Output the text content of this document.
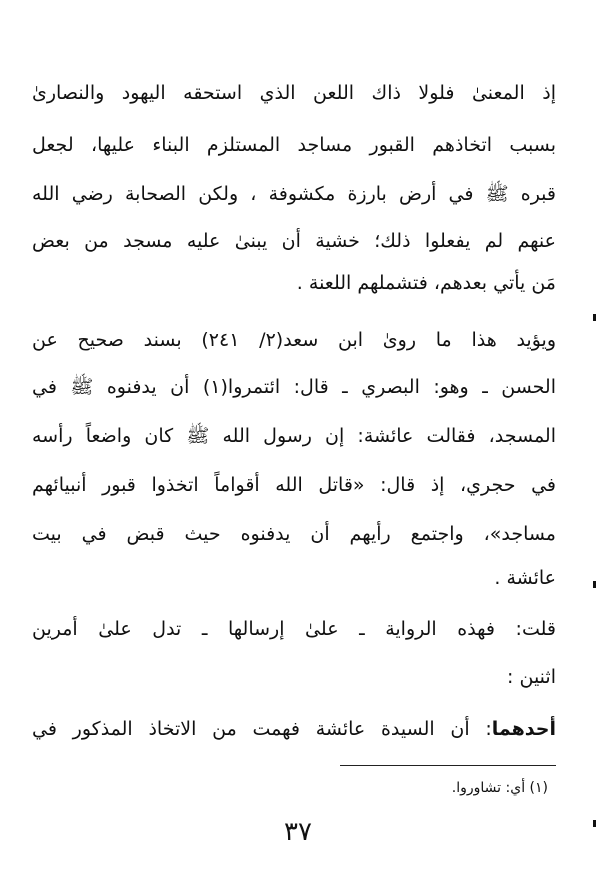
إذ المعنىٰ فلولا ذاك اللعن الذي استحقه اليهود والنصارىٰ
بسبب اتخاذهم القبور مساجد المستلزم البناء عليها، لجعل
قبره ﷺ في أرض بارزة مكشوفة ، ولكن الصحابة رضي الله
عنهم لم يفعلوا ذلك؛ خشية أن يبنىٰ عليه مسجد من بعض
مَن يأتي بعدهم، فتشملهم اللعنة .
ويؤيد هذا ما روىٰ ابن سعد(٢/ ٢٤١) بسند صحيح عن
الحسن ـ وهو: البصري ـ قال: ائتمروا(١) أن يدفنوه ﷺ في
المسجد، فقالت عائشة: إن رسول الله ﷺ كان واضعاً رأسه
في حجري، إذ قال: «قاتل الله أقواماً اتخذوا قبور أنبيائهم
مساجد»، واجتمع رأيهم أن يدفنوه حيث قبض في بيت
عائشة .
قلت: فهذه الرواية ـ علىٰ إرسالها ـ تدل علىٰ أمرين
اثنين :
أحدهما: أن السيدة عائشة فهمت من الاتخاذ المذكور في
(١) أي: تشاوروا.
٣٧
